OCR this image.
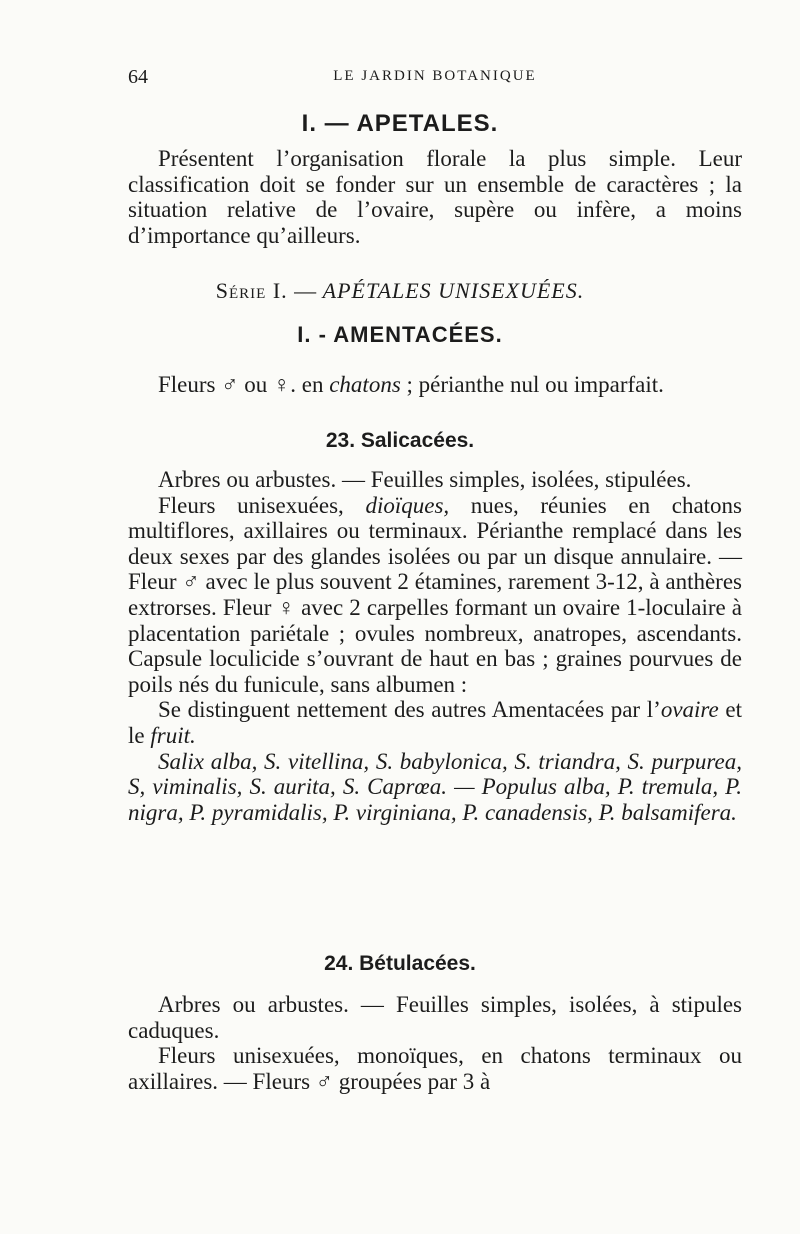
64	LE JARDIN BOTANIQUE
I. — APETALES.

Présentent l’organisation florale la plus simple. Leur classification doit se fonder sur un ensemble de caractères ; la situation relative de l’ovaire, supère ou infère, a moins d’importance qu’ailleurs.

Série I. — APÉTALES UNISEXUÉES.
I. - AMENTACÉES.

Fleurs ♂ ou ♀. en chatons ; périanthe nul ou imparfait.

23. Salicacées.

Arbres ou arbustes. — Feuilles simples, isolées, stipulées.

Fleurs unisexuées, dioïques, nues, réunies en chatons multiflores, axillaires ou terminaux. Périanthe remplacé dans les deux sexes par des glandes isolées ou par un disque annulaire. — Fleur ♂ avec le plus souvent 2 étamines, rarement 3-12, à anthères extrorses. Fleur ♀ avec 2 carpelles formant un ovaire 1-loculaire à placentation pariétale ; ovules nombreux, anatropes, ascendants. Capsule loculicide s’ouvrant de haut en bas ; graines pourvues de poils nés du funicule, sans albumen :

Se distinguent nettement des autres Amentacées par l’ovaire et le fruit.

Salix alba, S. vitellina, S. babylonica, S. triandra, S. purpurea, S, viminalis, S. aurita, S. Caprœa. — Populus alba, P. tremula, P. nigra, P. pyramidalis, P. virginiana, P. canadensis, P. balsamifera.

24. Bétulacées.

Arbres ou arbustes. — Feuilles simples, isolées, à stipules caduques.

Fleurs unisexuées, monoïques, en chatons terminaux ou axillaires. — Fleurs ♂ groupées par 3 à
